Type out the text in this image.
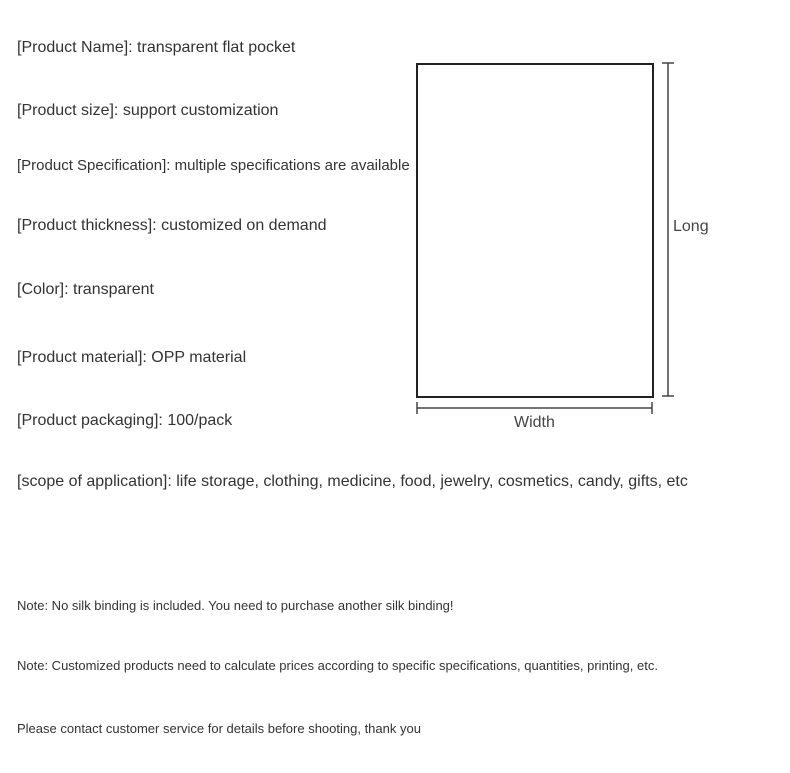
[Product Name]: transparent flat pocket
[Product size]: support customization
[Product Specification]: multiple specifications are available
[Product thickness]: customized on demand
[Color]: transparent
[Product material]: OPP material
[Product packaging]: 100/pack
[scope of application]: life storage, clothing, medicine, food, jewelry, cosmetics, candy, gifts, etc
Long
Width
Note: No silk binding is included. You need to purchase another silk binding!
Note: Customized products need to calculate prices according to specific specifications, quantities, printing, etc.
Please contact customer service for details before shooting, thank you
